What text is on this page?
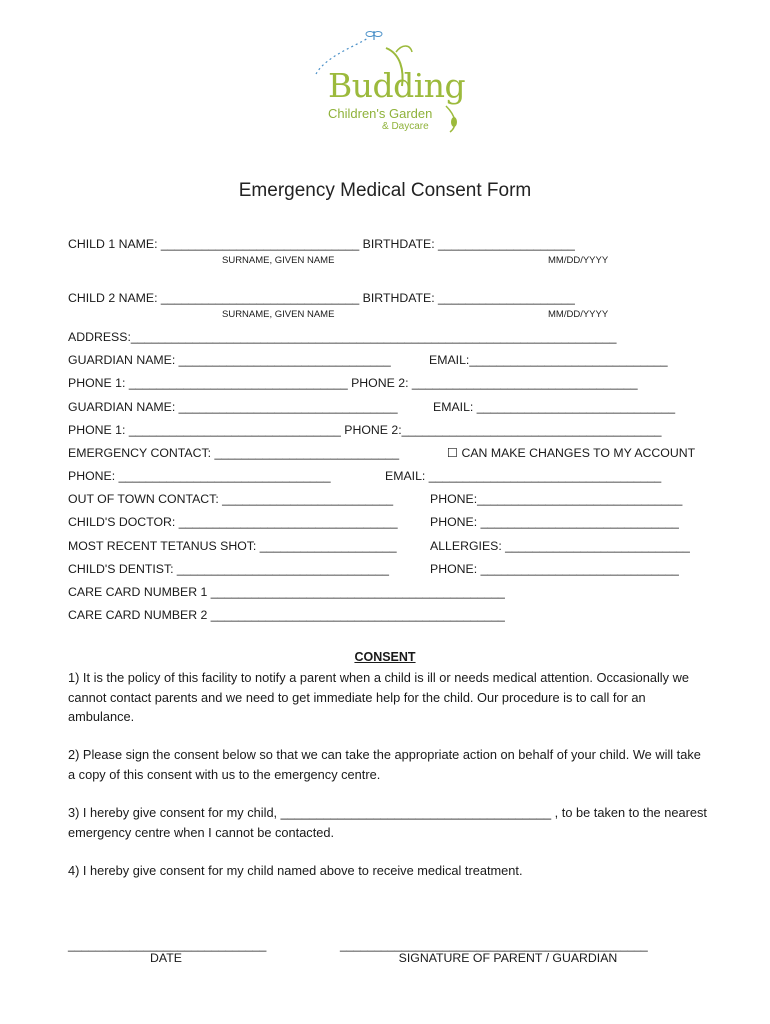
Budding
Children's Garden
& Daycare
Emergency Medical Consent Form
CHILD 1 NAME: _____________________________ BIRTHDATE: ____________________
SURNAME, GIVEN NAME	MM/DD/YYYY
CHILD 2 NAME: _____________________________ BIRTHDATE: ____________________
SURNAME, GIVEN NAME	MM/DD/YYYY
ADDRESS:_______________________________________________________________________
GUARDIAN NAME: _______________________________	EMAIL:_____________________________
PHONE 1: ________________________________ PHONE 2: _________________________________
GUARDIAN NAME: ________________________________	EMAIL: _____________________________
PHONE 1: _______________________________ PHONE 2:______________________________________
EMERGENCY CONTACT: ___________________________	☐ CAN MAKE CHANGES TO MY ACCOUNT
PHONE: _______________________________	EMAIL: __________________________________
OUT OF TOWN CONTACT: _________________________	PHONE:______________________________
CHILD'S DOCTOR: ________________________________	PHONE: _____________________________
MOST RECENT TETANUS SHOT: ____________________	ALLERGIES: ___________________________
CHILD'S DENTIST: _______________________________	PHONE: _____________________________
CARE CARD NUMBER 1 ___________________________________________
CARE CARD NUMBER 2 ___________________________________________
CONSENT
1) It is the policy of this facility to notify a parent when a child is ill or needs medical attention. Occasionally we cannot contact parents and we need to get immediate help for the child. Our procedure is to call for an ambulance.
2) Please sign the consent below so that we can take the appropriate action on behalf of your child. We will take a copy of this consent with us to the emergency centre.
3) I hereby give consent for my child, ______________________________________ , to be taken to the nearest emergency centre when I cannot be contacted.
4) I hereby give consent for my child named above to receive medical treatment.
_____________________________
DATE
_____________________________________________
SIGNATURE OF PARENT / GUARDIAN
